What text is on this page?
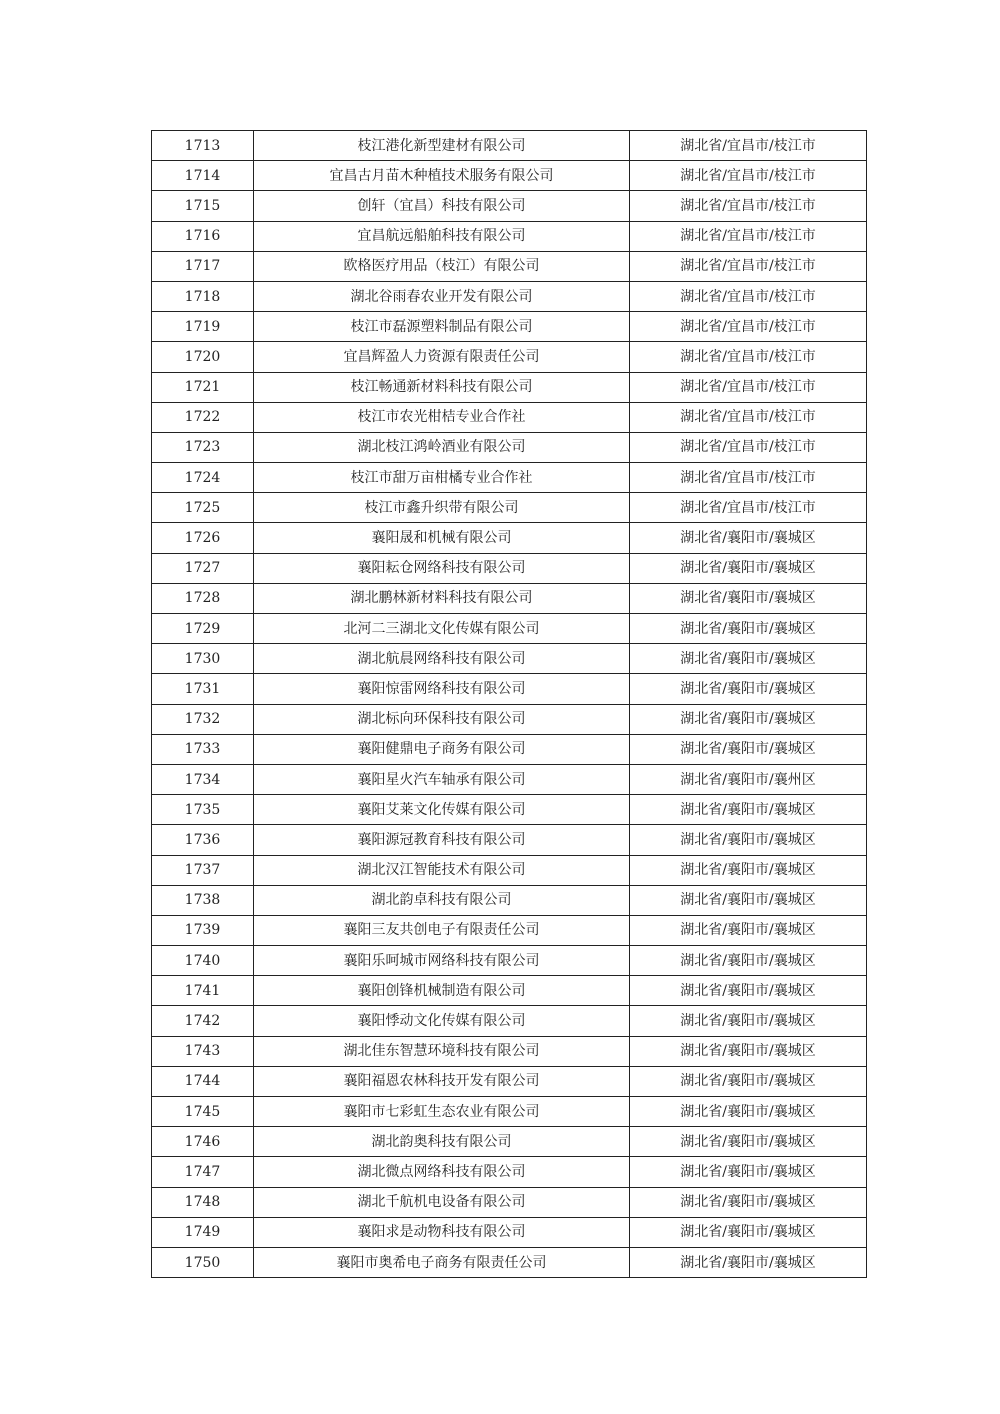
1713	枝江港化新型建材有限公司	湖北省/宜昌市/枝江市
1714	宜昌古月苗木种植技术服务有限公司	湖北省/宜昌市/枝江市
1715	创轩（宜昌）科技有限公司	湖北省/宜昌市/枝江市
1716	宜昌航远船舶科技有限公司	湖北省/宜昌市/枝江市
1717	欧格医疗用品（枝江）有限公司	湖北省/宜昌市/枝江市
1718	湖北谷雨春农业开发有限公司	湖北省/宜昌市/枝江市
1719	枝江市磊源塑料制品有限公司	湖北省/宜昌市/枝江市
1720	宜昌辉盈人力资源有限责任公司	湖北省/宜昌市/枝江市
1721	枝江畅通新材料科技有限公司	湖北省/宜昌市/枝江市
1722	枝江市农光柑桔专业合作社	湖北省/宜昌市/枝江市
1723	湖北枝江鸿岭酒业有限公司	湖北省/宜昌市/枝江市
1724	枝江市甜万亩柑橘专业合作社	湖北省/宜昌市/枝江市
1725	枝江市鑫升织带有限公司	湖北省/宜昌市/枝江市
1726	襄阳晟和机械有限公司	湖北省/襄阳市/襄城区
1727	襄阳耘仓网络科技有限公司	湖北省/襄阳市/襄城区
1728	湖北鹏林新材料科技有限公司	湖北省/襄阳市/襄城区
1729	北河二三湖北文化传媒有限公司	湖北省/襄阳市/襄城区
1730	湖北航晨网络科技有限公司	湖北省/襄阳市/襄城区
1731	襄阳惊雷网络科技有限公司	湖北省/襄阳市/襄城区
1732	湖北标向环保科技有限公司	湖北省/襄阳市/襄城区
1733	襄阳健鼎电子商务有限公司	湖北省/襄阳市/襄城区
1734	襄阳星火汽车轴承有限公司	湖北省/襄阳市/襄州区
1735	襄阳艾莱文化传媒有限公司	湖北省/襄阳市/襄城区
1736	襄阳源冠教育科技有限公司	湖北省/襄阳市/襄城区
1737	湖北汉江智能技术有限公司	湖北省/襄阳市/襄城区
1738	湖北韵卓科技有限公司	湖北省/襄阳市/襄城区
1739	襄阳三友共创电子有限责任公司	湖北省/襄阳市/襄城区
1740	襄阳乐呵城市网络科技有限公司	湖北省/襄阳市/襄城区
1741	襄阳创锋机械制造有限公司	湖北省/襄阳市/襄城区
1742	襄阳悸动文化传媒有限公司	湖北省/襄阳市/襄城区
1743	湖北佳东智慧环境科技有限公司	湖北省/襄阳市/襄城区
1744	襄阳福恩农林科技开发有限公司	湖北省/襄阳市/襄城区
1745	襄阳市七彩虹生态农业有限公司	湖北省/襄阳市/襄城区
1746	湖北韵奥科技有限公司	湖北省/襄阳市/襄城区
1747	湖北微点网络科技有限公司	湖北省/襄阳市/襄城区
1748	湖北千航机电设备有限公司	湖北省/襄阳市/襄城区
1749	襄阳求是动物科技有限公司	湖北省/襄阳市/襄城区
1750	襄阳市奥希电子商务有限责任公司	湖北省/襄阳市/襄城区
